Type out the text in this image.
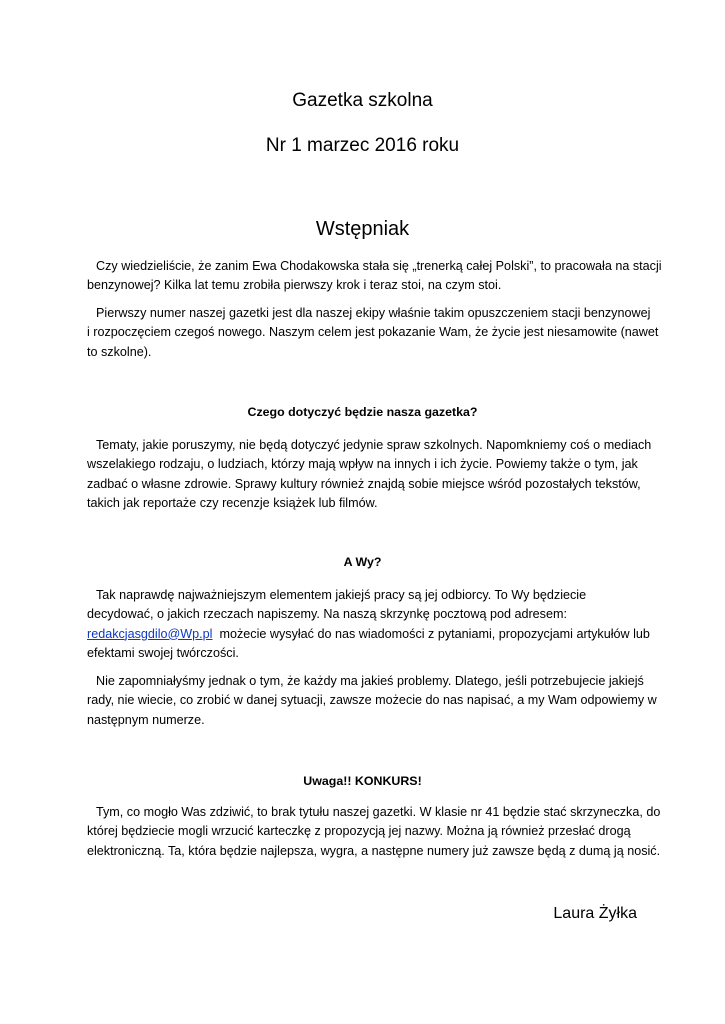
Gazetka szkolna
Nr 1 marzec 2016 roku
Wstępniak

Czy wiedzieliście, że zanim Ewa Chodakowska stała się „trenerką całej Polski”, to pracowała na stacji
benzynowej? Kilka lat temu zrobiła pierwszy krok i teraz stoi, na czym stoi.

Pierwszy numer naszej gazetki jest dla naszej ekipy właśnie takim opuszczeniem stacji benzynowej
i rozpoczęciem czegoś nowego. Naszym celem jest pokazanie Wam, że życie jest niesamowite (nawet
to szkolne).

Czego dotyczyć będzie nasza gazetka?

Tematy, jakie poruszymy, nie będą dotyczyć jedynie spraw szkolnych. Napomkniemy coś o mediach
wszelakiego rodzaju, o ludziach, którzy mają wpływ na innych i ich życie. Powiemy także o tym, jak
zadbać o własne zdrowie. Sprawy kultury również znajdą sobie miejsce wśród pozostałych tekstów,
takich jak reportaże czy recenzje książek lub filmów.

A Wy?

Tak naprawdę najważniejszym elementem jakiejś pracy są jej odbiorcy. To Wy będziecie
decydować, o jakich rzeczach napiszemy. Na naszą skrzynkę pocztową pod adresem:
redakcjasgdilo@Wp.pl  możecie wysyłać do nas wiadomości z pytaniami, propozycjami artykułów lub
efektami swojej twórczości.

Nie zapomniałyśmy jednak o tym, że każdy ma jakieś problemy. Dlatego, jeśli potrzebujecie jakiejś
rady, nie wiecie, co zrobić w danej sytuacji, zawsze możecie do nas napisać, a my Wam odpowiemy w
następnym numerze.

Uwaga!! KONKURS!

Tym, co mogło Was zdziwić, to brak tytułu naszej gazetki. W klasie nr 41 będzie stać skrzyneczka, do
której będziecie mogli wrzucić karteczkę z propozycją jej nazwy. Można ją również przesłać drogą
elektroniczną. Ta, która będzie najlepsza, wygra, a następne numery już zawsze będą z dumą ją nosić.

Laura Żyłka
